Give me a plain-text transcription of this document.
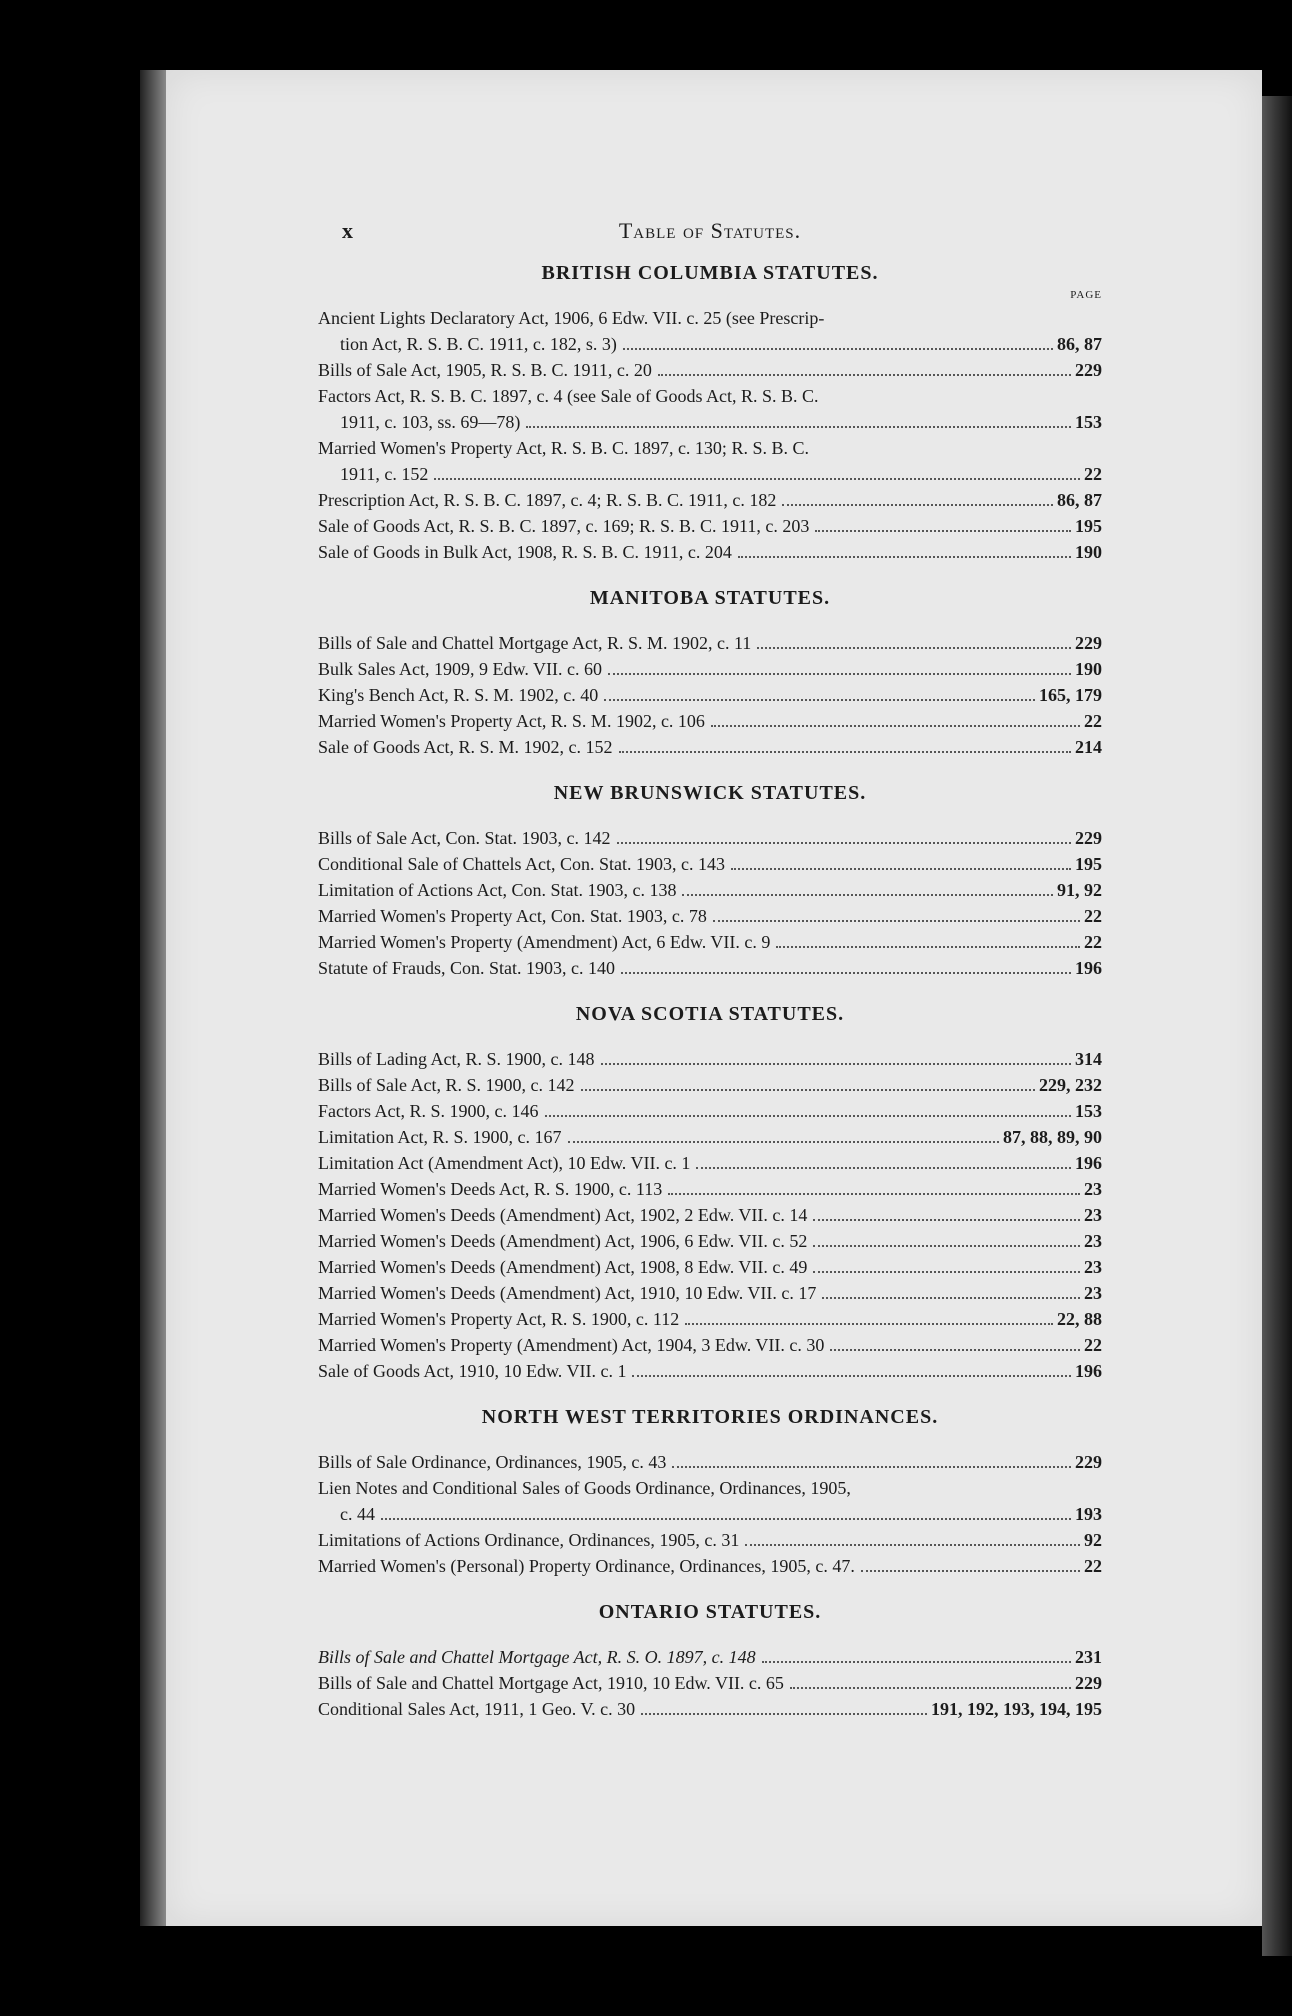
x	Table of Statutes.
BRITISH COLUMBIA STATUTES.
PAGE
Ancient Lights Declaratory Act, 1906, 6 Edw. VII. c. 25 (see Prescrip-
tion Act, R. S. B. C. 1911, c. 182, s. 3)	86, 87
Bills of Sale Act, 1905, R. S. B. C. 1911, c. 20	229
Factors Act, R. S. B. C. 1897, c. 4 (see Sale of Goods Act, R. S. B. C.
1911, c. 103, ss. 69—78)	153
Married Women's Property Act, R. S. B. C. 1897, c. 130; R. S. B. C.
1911, c. 152	22
Prescription Act, R. S. B. C. 1897, c. 4; R. S. B. C. 1911, c. 182	86, 87
Sale of Goods Act, R. S. B. C. 1897, c. 169; R. S. B. C. 1911, c. 203	195
Sale of Goods in Bulk Act, 1908, R. S. B. C. 1911, c. 204	190
MANITOBA STATUTES.
Bills of Sale and Chattel Mortgage Act, R. S. M. 1902, c. 11	229
Bulk Sales Act, 1909, 9 Edw. VII. c. 60	190
King's Bench Act, R. S. M. 1902, c. 40	165, 179
Married Women's Property Act, R. S. M. 1902, c. 106	22
Sale of Goods Act, R. S. M. 1902, c. 152	214
NEW BRUNSWICK STATUTES.
Bills of Sale Act, Con. Stat. 1903, c. 142	229
Conditional Sale of Chattels Act, Con. Stat. 1903, c. 143	195
Limitation of Actions Act, Con. Stat. 1903, c. 138	91, 92
Married Women's Property Act, Con. Stat. 1903, c. 78	22
Married Women's Property (Amendment) Act, 6 Edw. VII. c. 9	22
Statute of Frauds, Con. Stat. 1903, c. 140	196
NOVA SCOTIA STATUTES.
Bills of Lading Act, R. S. 1900, c. 148	314
Bills of Sale Act, R. S. 1900, c. 142	229, 232
Factors Act, R. S. 1900, c. 146	153
Limitation Act, R. S. 1900, c. 167	87, 88, 89, 90
Limitation Act (Amendment Act), 10 Edw. VII. c. 1	196
Married Women's Deeds Act, R. S. 1900, c. 113	23
Married Women's Deeds (Amendment) Act, 1902, 2 Edw. VII. c. 14	23
Married Women's Deeds (Amendment) Act, 1906, 6 Edw. VII. c. 52	23
Married Women's Deeds (Amendment) Act, 1908, 8 Edw. VII. c. 49	23
Married Women's Deeds (Amendment) Act, 1910, 10 Edw. VII. c. 17	23
Married Women's Property Act, R. S. 1900, c. 112	22, 88
Married Women's Property (Amendment) Act, 1904, 3 Edw. VII. c. 30	22
Sale of Goods Act, 1910, 10 Edw. VII. c. 1	196
NORTH WEST TERRITORIES ORDINANCES.
Bills of Sale Ordinance, Ordinances, 1905, c. 43	229
Lien Notes and Conditional Sales of Goods Ordinance, Ordinances, 1905,
c. 44	193
Limitations of Actions Ordinance, Ordinances, 1905, c. 31	92
Married Women's (Personal) Property Ordinance, Ordinances, 1905, c. 47.	22
ONTARIO STATUTES.
Bills of Sale and Chattel Mortgage Act, R. S. O. 1897, c. 148	231
Bills of Sale and Chattel Mortgage Act, 1910, 10 Edw. VII. c. 65	229
Conditional Sales Act, 1911, 1 Geo. V. c. 30	191, 192, 193, 194, 195
